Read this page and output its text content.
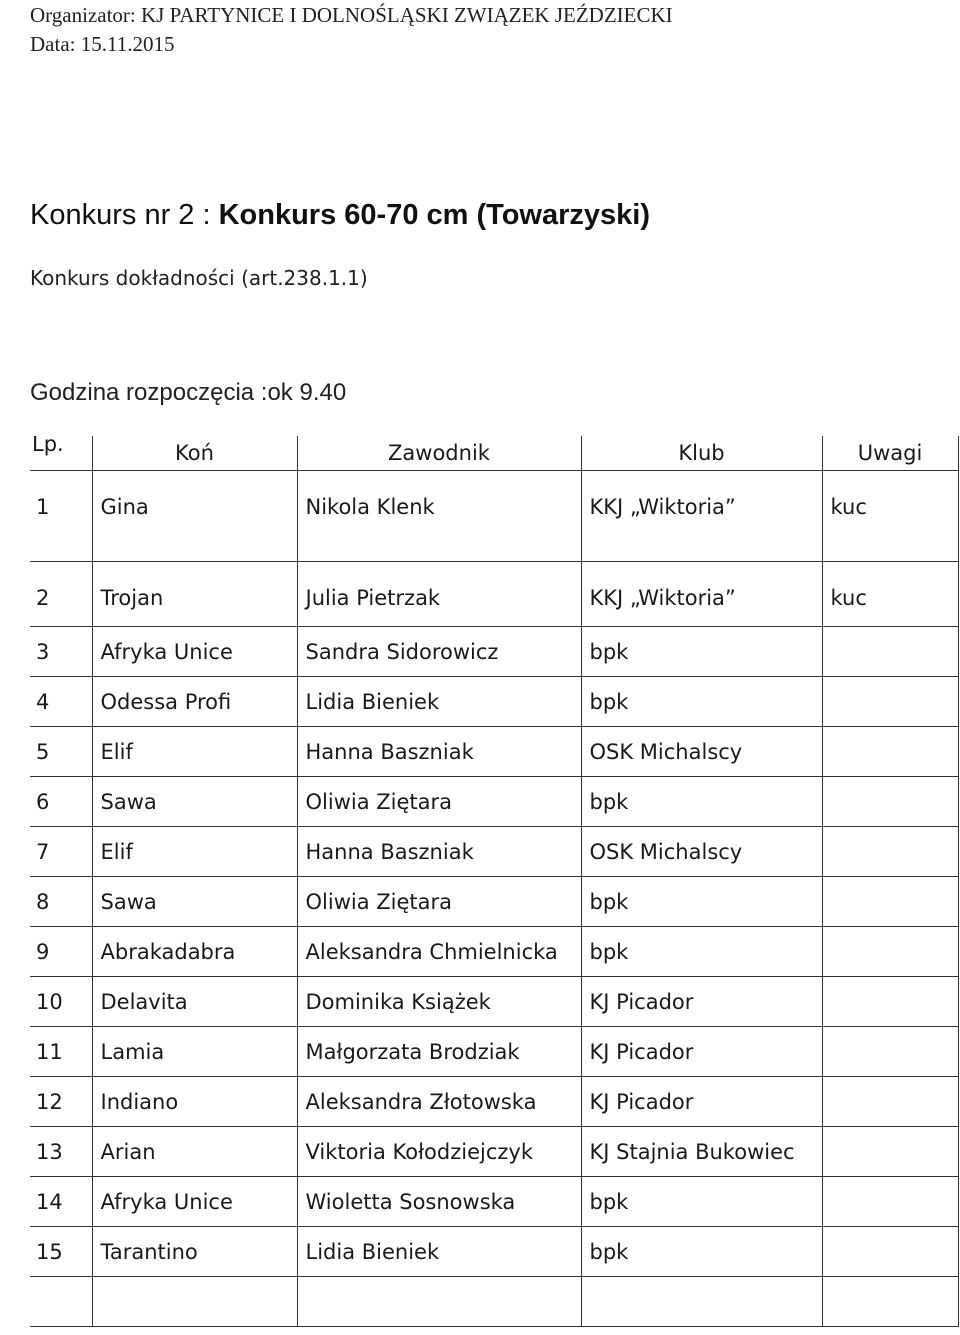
Organizator: KJ PARTYNICE I DOLNOŚLĄSKI ZWIĄZEK JEŹDZIECKI
Data: 15.11.2015
Konkurs nr 2 : Konkurs 60-70 cm (Towarzyski)
Konkurs dokładności (art.238.1.1)
Godzina rozpoczęcia :ok 9.40
Lp.	Koń	Zawodnik	Klub	Uwagi
1	Gina	Nikola Klenk	KKJ „Wiktoria”	kuc
2	Trojan	Julia Pietrzak	KKJ „Wiktoria”	kuc
3	Afryka Unice	Sandra Sidorowicz	bpk	
4	Odessa Profi	Lidia Bieniek	bpk	
5	Elif	Hanna Baszniak	OSK Michalscy	
6	Sawa	Oliwia Ziętara	bpk	
7	Elif	Hanna Baszniak	OSK Michalscy	
8	Sawa	Oliwia Ziętara	bpk	
9	Abrakadabra	Aleksandra Chmielnicka	bpk	
10	Delavita	Dominika Książek	KJ Picador	
11	Lamia	Małgorzata Brodziak	KJ Picador	
12	Indiano	Aleksandra Złotowska	KJ Picador	
13	Arian	Viktoria Kołodziejczyk	KJ Stajnia Bukowiec	
14	Afryka Unice	Wioletta Sosnowska	bpk	
15	Tarantino	Lidia Bieniek	bpk	
